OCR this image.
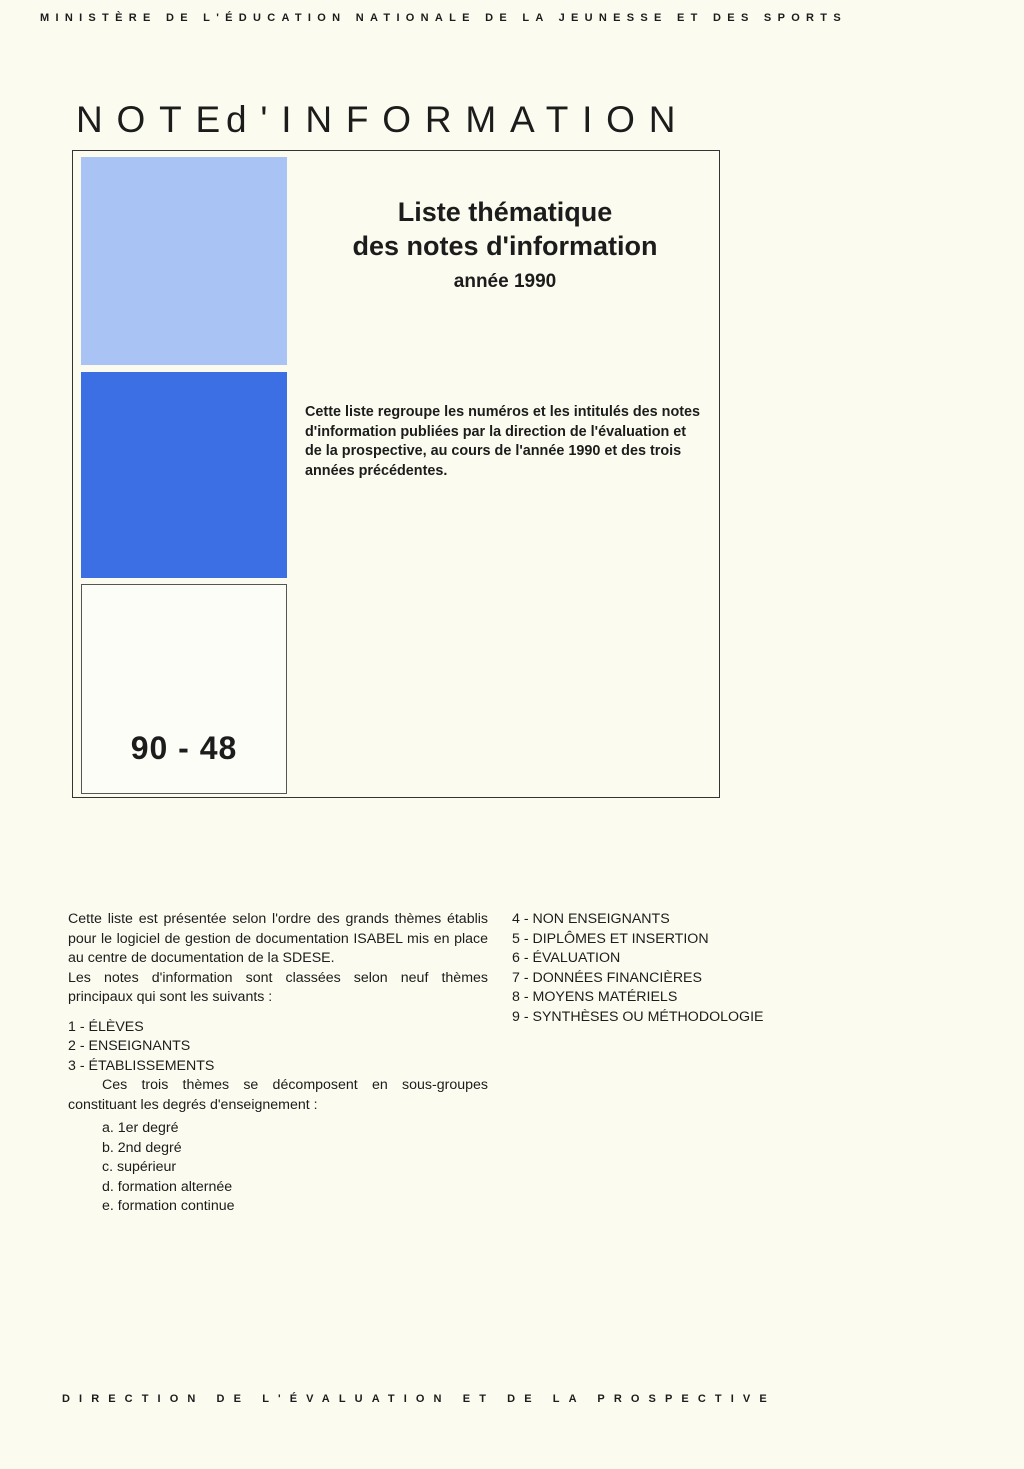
MINISTÈRE DE L'ÉDUCATION NATIONALE DE LA JEUNESSE ET DES SPORTS
NOTEd'INFORMATION
90 - 48
Liste thématique
des notes d'information
année 1990
Cette liste regroupe les numéros et les intitulés des notes d'information publiées par la direction de l'évaluation et de la prospective, au cours de l'année 1990 et des trois années précédentes.

Cette liste est présentée selon l'ordre des grands thèmes établis pour le logiciel de gestion de documentation ISABEL mis en place au centre de documentation de la SDESE.

Les notes d'information sont classées selon neuf thèmes principaux qui sont les suivants :

1 - ÉLÈVES
2 - ENSEIGNANTS
3 - ÉTABLISSEMENTS

Ces trois thèmes se décomposent en sous-groupes constituant les degrés d'enseignement :

a. 1er degré
b. 2nd degré
c. supérieur
d. formation alternée
e. formation continue
4 - NON ENSEIGNANTS
5 - DIPLÔMES ET INSERTION
6 - ÉVALUATION
7 - DONNÉES FINANCIÈRES
8 - MOYENS MATÉRIELS
9 - SYNTHÈSES OU MÉTHODOLOGIE
DIRECTION DE L'ÉVALUATION ET DE LA PROSPECTIVE
